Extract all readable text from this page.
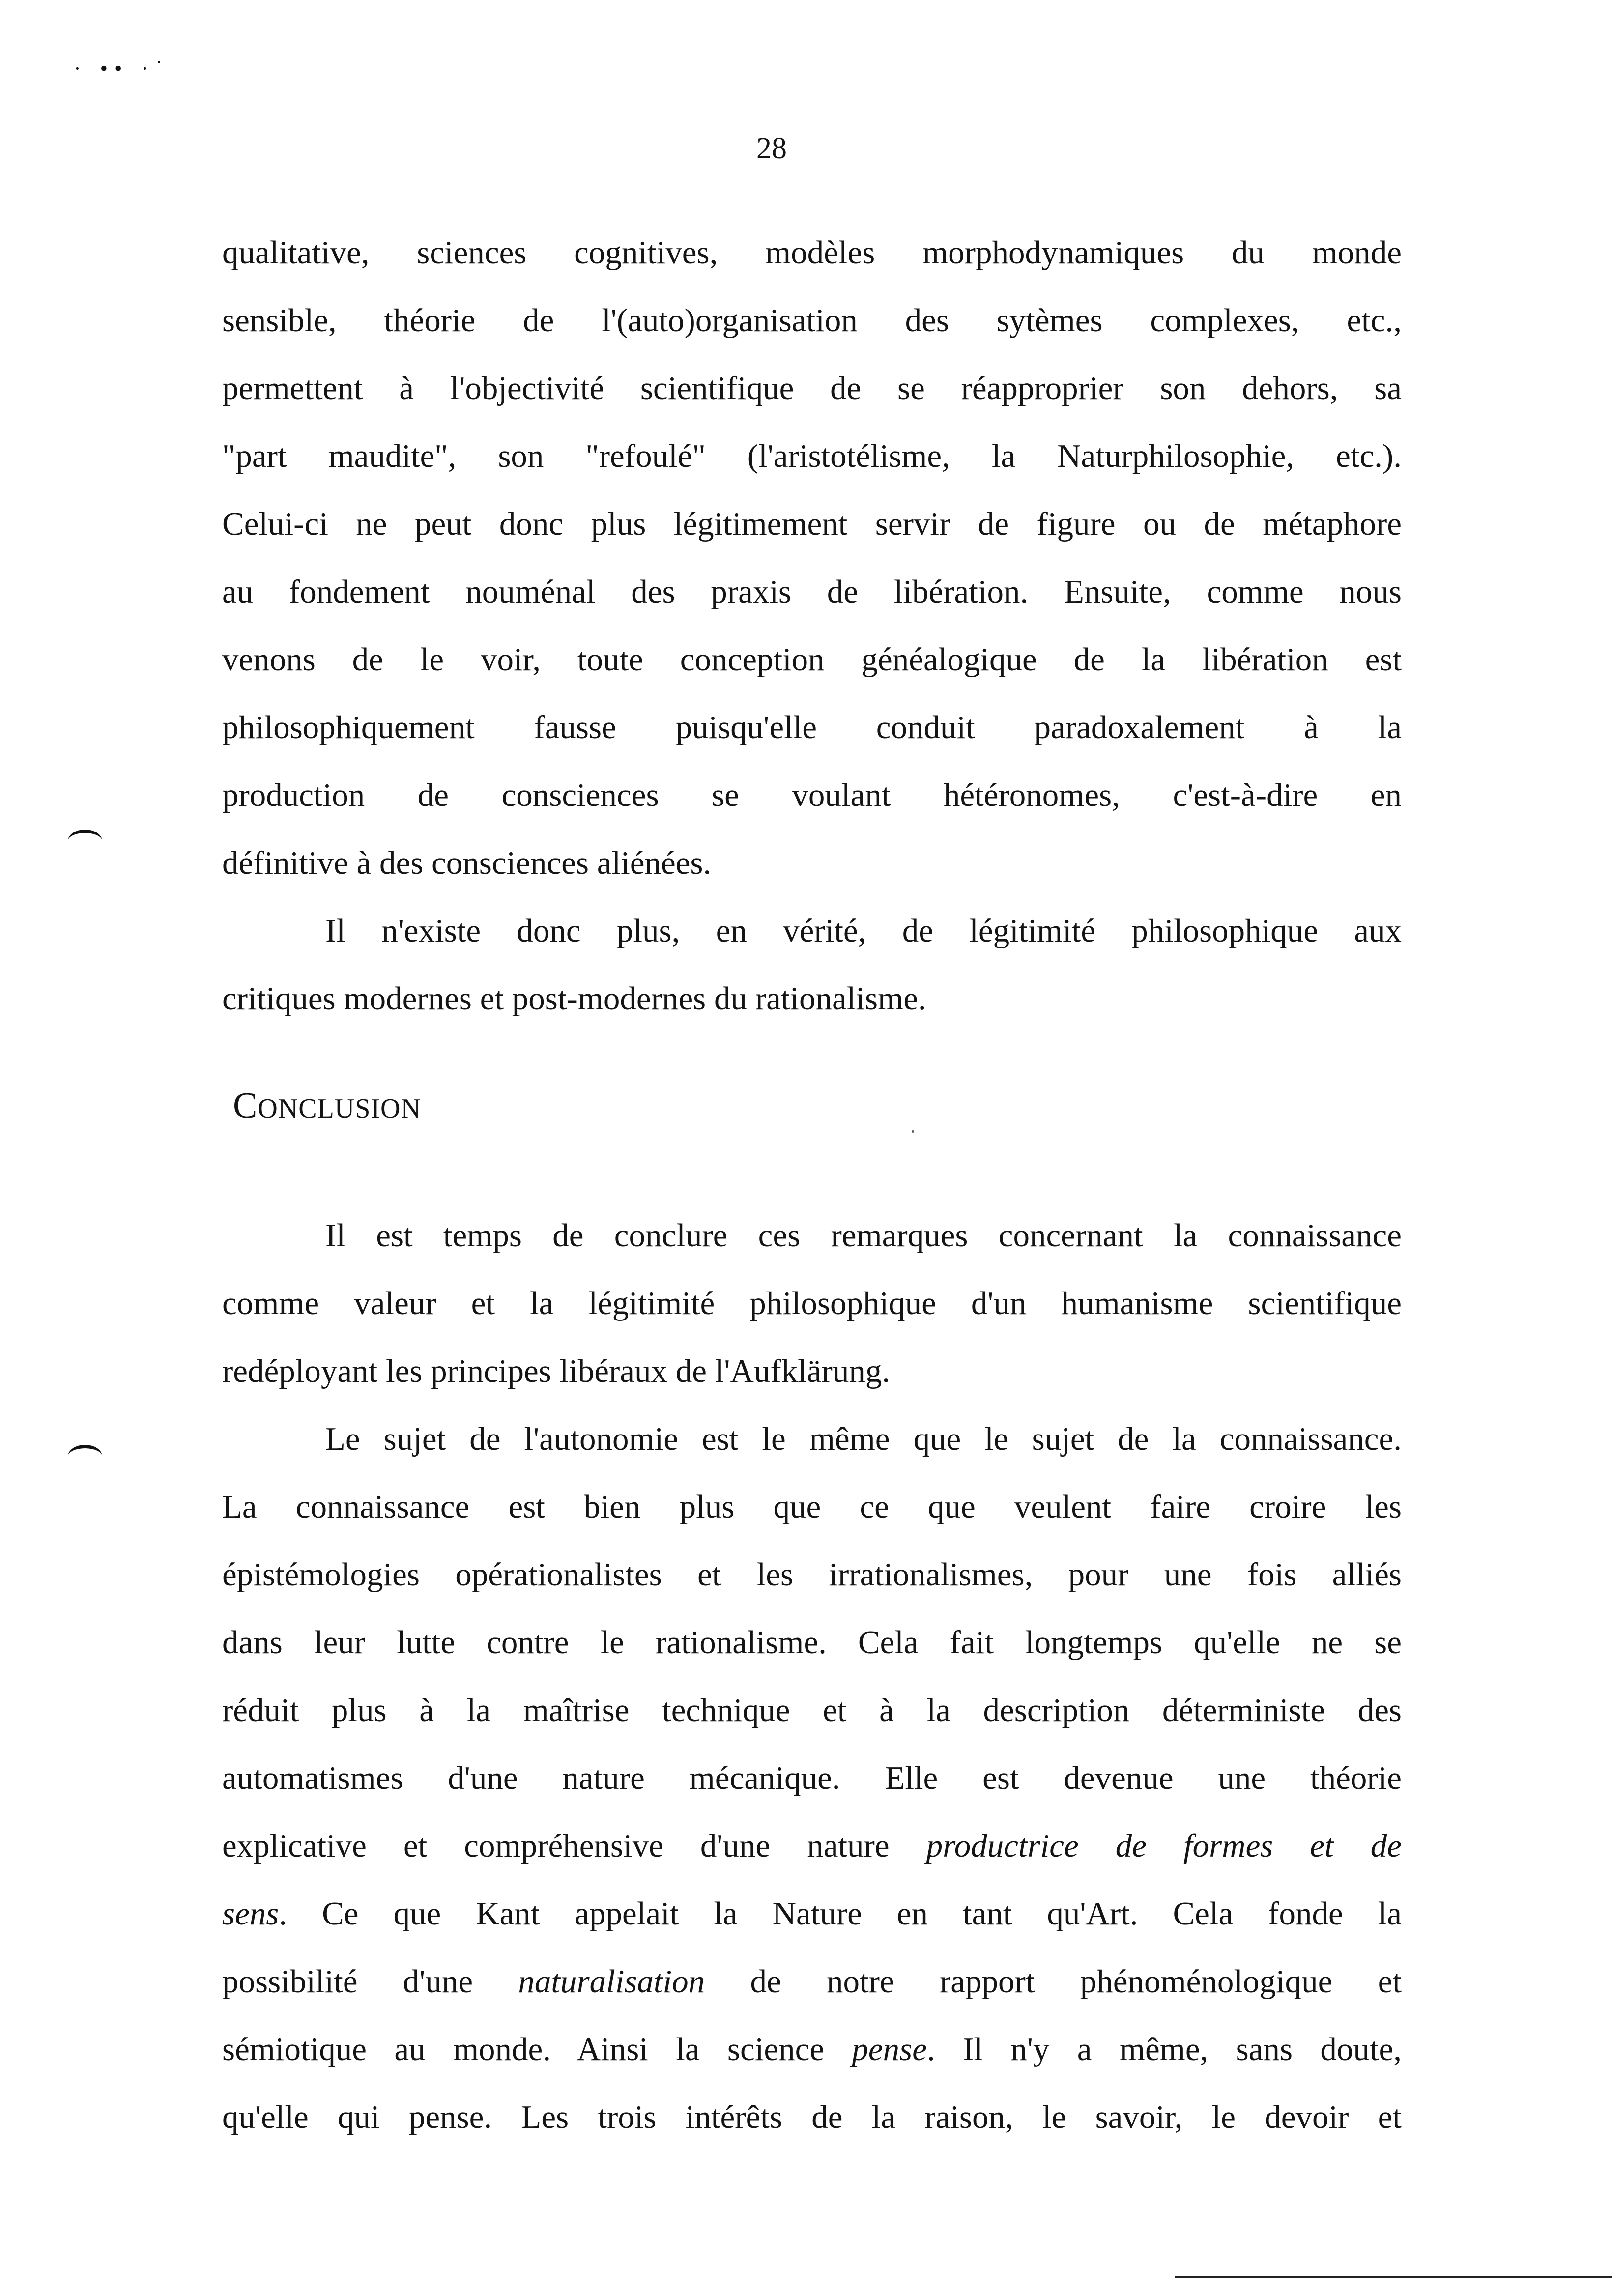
· •• ·˙
28
qualitative, sciences cognitives, modèles morphodynamiques du monde
sensible, théorie de l'(auto)organisation des sytèmes complexes, etc.,
permettent à l'objectivité scientifique de se réapproprier son dehors, sa
"part maudite", son "refoulé" (l'aristotélisme, la Naturphilosophie, etc.).
Celui-ci ne peut donc plus légitimement servir de figure ou de métaphore
au fondement nouménal des praxis de libération. Ensuite, comme nous
venons de le voir, toute conception généalogique de la libération est
philosophiquement fausse puisqu'elle conduit paradoxalement à la
production de consciences se voulant hétéronomes, c'est-à-dire en
définitive à des consciences aliénées.
Il n'existe donc plus, en vérité, de légitimité philosophique aux
critiques modernes et post-modernes du rationalisme.
CONCLUSION
Il est temps de conclure ces remarques concernant la connaissance
comme valeur et la légitimité philosophique d'un humanisme scientifique
redéployant les principes libéraux de l'Aufklärung.
Le sujet de l'autonomie est le même que le sujet de la connaissance.
La connaissance est bien plus que ce que veulent faire croire les
épistémologies opérationalistes et les irrationalismes, pour une fois alliés
dans leur lutte contre le rationalisme. Cela fait longtemps qu'elle ne se
réduit plus à la maîtrise technique et à la description déterministe des
automatismes d'une nature mécanique. Elle est devenue une théorie
explicative et compréhensive d'une nature productrice de formes et de
sens. Ce que Kant appelait la Nature en tant qu'Art. Cela fonde la
possibilité d'une naturalisation de notre rapport phénoménologique et
sémiotique au monde. Ainsi la science pense. Il n'y a même, sans doute,
qu'elle qui pense. Les trois intérêts de la raison, le savoir, le devoir et
